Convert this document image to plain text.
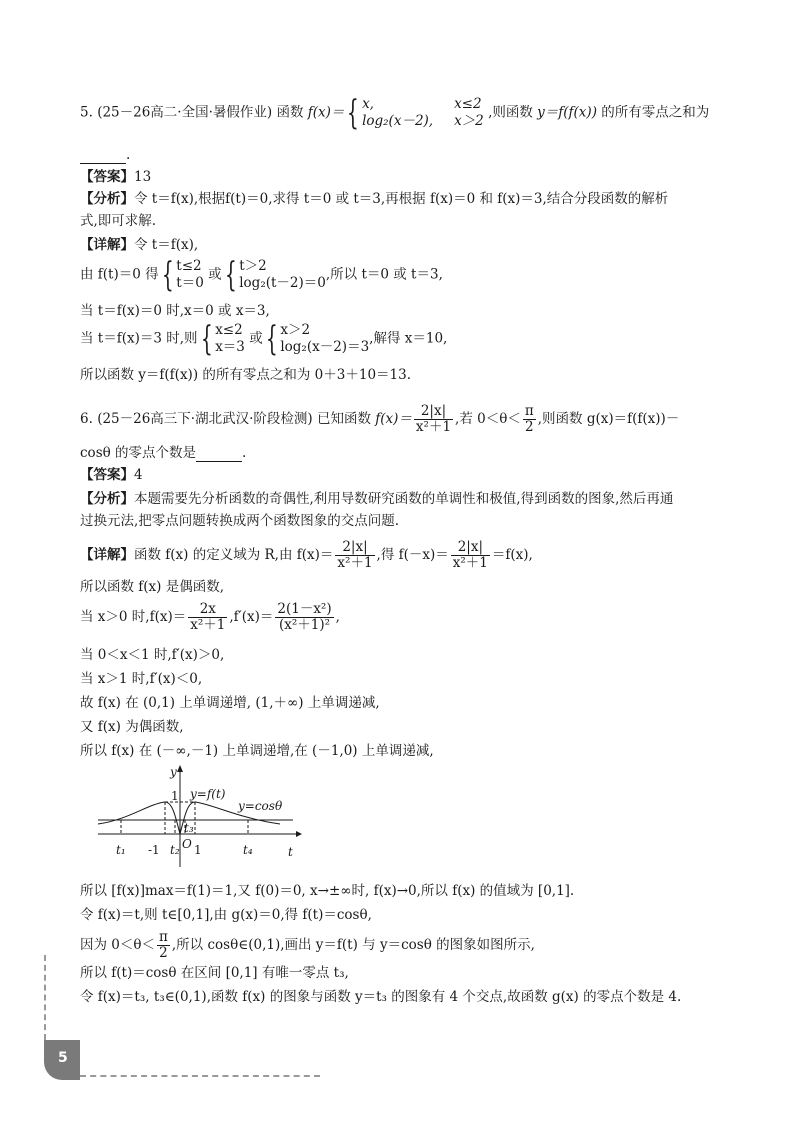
5. (25－26高二·全国·暑假作业) 函数 f(x)＝{ x,	x≤2
log₂(x－2), x＞2
,则函数 y＝f(f(x)) 的所有零点之和为
.
【答案】13
【分析】令 t＝f(x),根据f(t)＝0,求得 t＝0 或 t＝3,再根据 f(x)＝0 和 f(x)＝3,结合分段函数的解析
式,即可求解.
【详解】令 t＝f(x),
由 f(t)＝0 得{ t≤2
t＝0
或{ t＞2
log₂(t－2)＝0
,所以 t＝0 或 t＝3,
当 t＝f(x)＝0 时,x＝0 或 x＝3,
当 t＝f(x)＝3 时,则{ x≤2
x＝3
或{ x＞2
log₂(x－2)＝3
,解得 x＝10,
所以函数 y＝f(f(x)) 的所有零点之和为 0＋3＋10＝13.
6. (25－26高三下·湖北武汉·阶段检测) 已知函数 $f(x)= \frac{2|x|}{\text{x²＋1}}$ ,若 $0<\theta< \frac{\pi}{2}$ ,则函数 g(x)＝f(f(x))－
cosθ 的零点个数是	.
【答案】4
【分析】本题需要先分析函数的奇偶性,利用导数研究函数的单调性和极值,得到函数的图象,然后再通
过换元法,把零点问题转换成两个函数图象的交点问题.
【详解】函数 f(x) 的定义域为 R,由 $f(x)= \frac{2|x|}{\text{x²＋1}}$ ,得 $f(-x)= \frac{2|x|}{\text{x²＋1}} =f(x)$,
所以函数 f(x) 是偶函数,
当 x＞0 时$,f(x)= \frac{2x}{\text{x²＋1}} ,f'(x)= \frac{\text{2(1－x²)}}{\text{(x²＋1)²}}$ ,
当 0＜x＜1 时,f′(x)＞0,
当 x＞1 时,f′(x)＜0,
故 f(x) 在 (0,1) 上单调递增, (1,＋∞) 上单调递减,
又 f(x) 为偶函数,
所以 f(x) 在 (－∞,－1) 上单调递增,在 (－1,0) 上单调递减,
y
t
O
y=f(t)
y=cosθ
t₁	t₂
t₃
t₄
1
-1	1
所以 [f(x)]max＝f(1)＝1,又 f(0)＝0, x→±∞时, f(x)→0,所以 f(x) 的值域为 [0,1].
令 f(x)＝t,则 t∈[0,1],由 g(x)＝0,得 f(t)＝cosθ,
因为 $0<\theta< \frac{\pi}{2}$ ,所以 cosθ∈(0,1),画出 y＝f(t) 与 y＝cosθ 的图象如图所示,
所以 f(t)＝cosθ 在区间 [0,1] 有唯一零点 t₃,
令 f(x)＝t₃, t₃∈(0,1),函数 f(x) 的图象与函数 y＝t₃ 的图象有 4 个交点,故函数 g(x) 的零点个数是 4.
5
